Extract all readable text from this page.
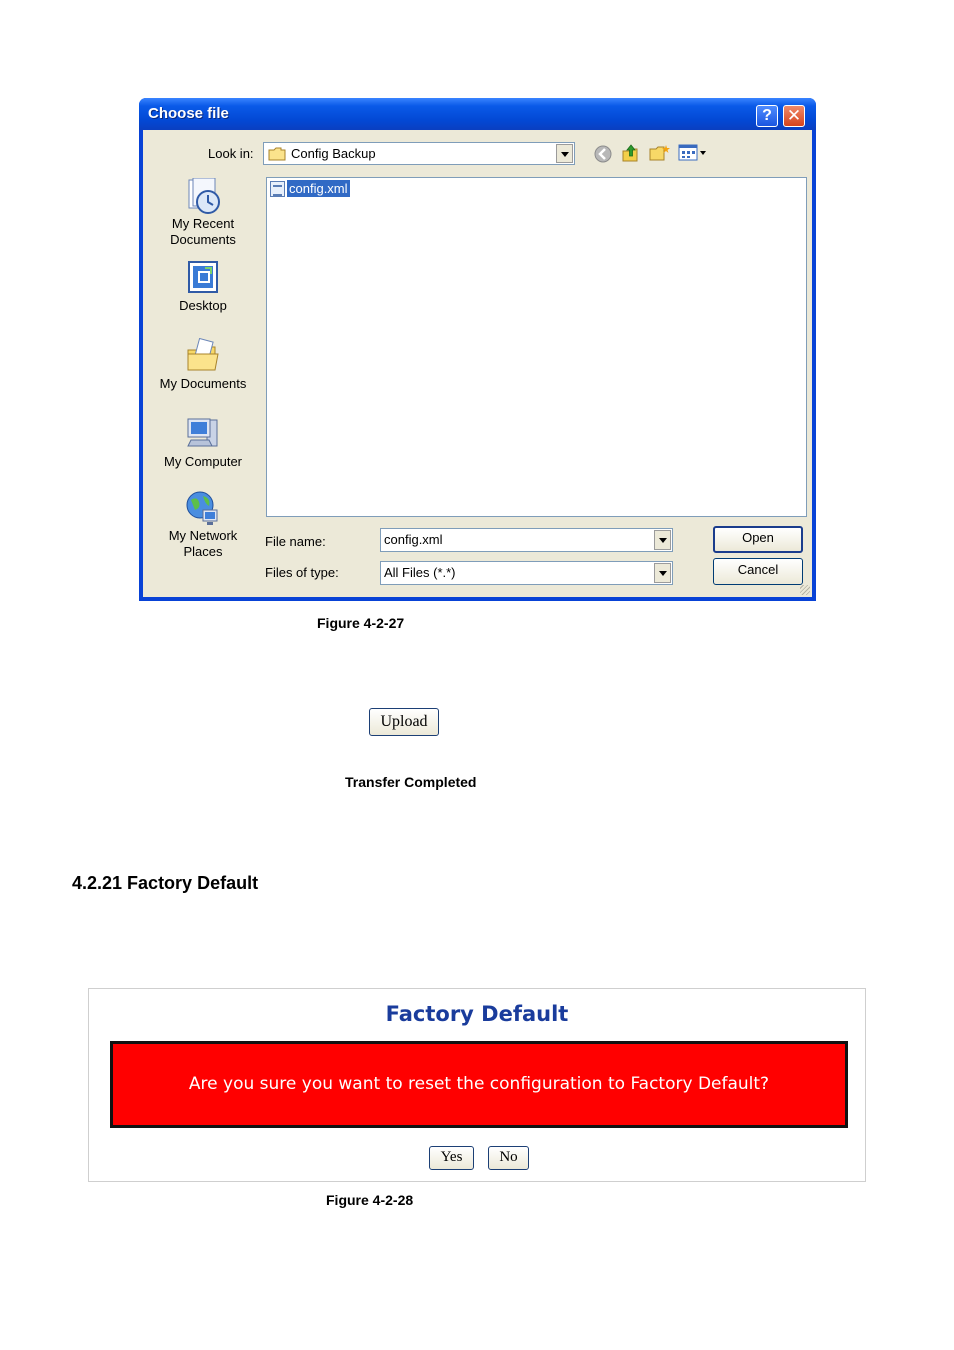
Choose file	? ✕
Look in:	Config Backup
My Recent Documents
Desktop
My Documents
My Computer
My Network Places
config.xml
File name:	config.xml
Files of type:	All Files (*.*)
Open
Cancel
Figure 4-2-27
Upload
Transfer Completed
4.2.21 Factory Default
Factory Default
Are you sure you want to reset the configuration to Factory Default?
Yes	No
Figure 4-2-28
